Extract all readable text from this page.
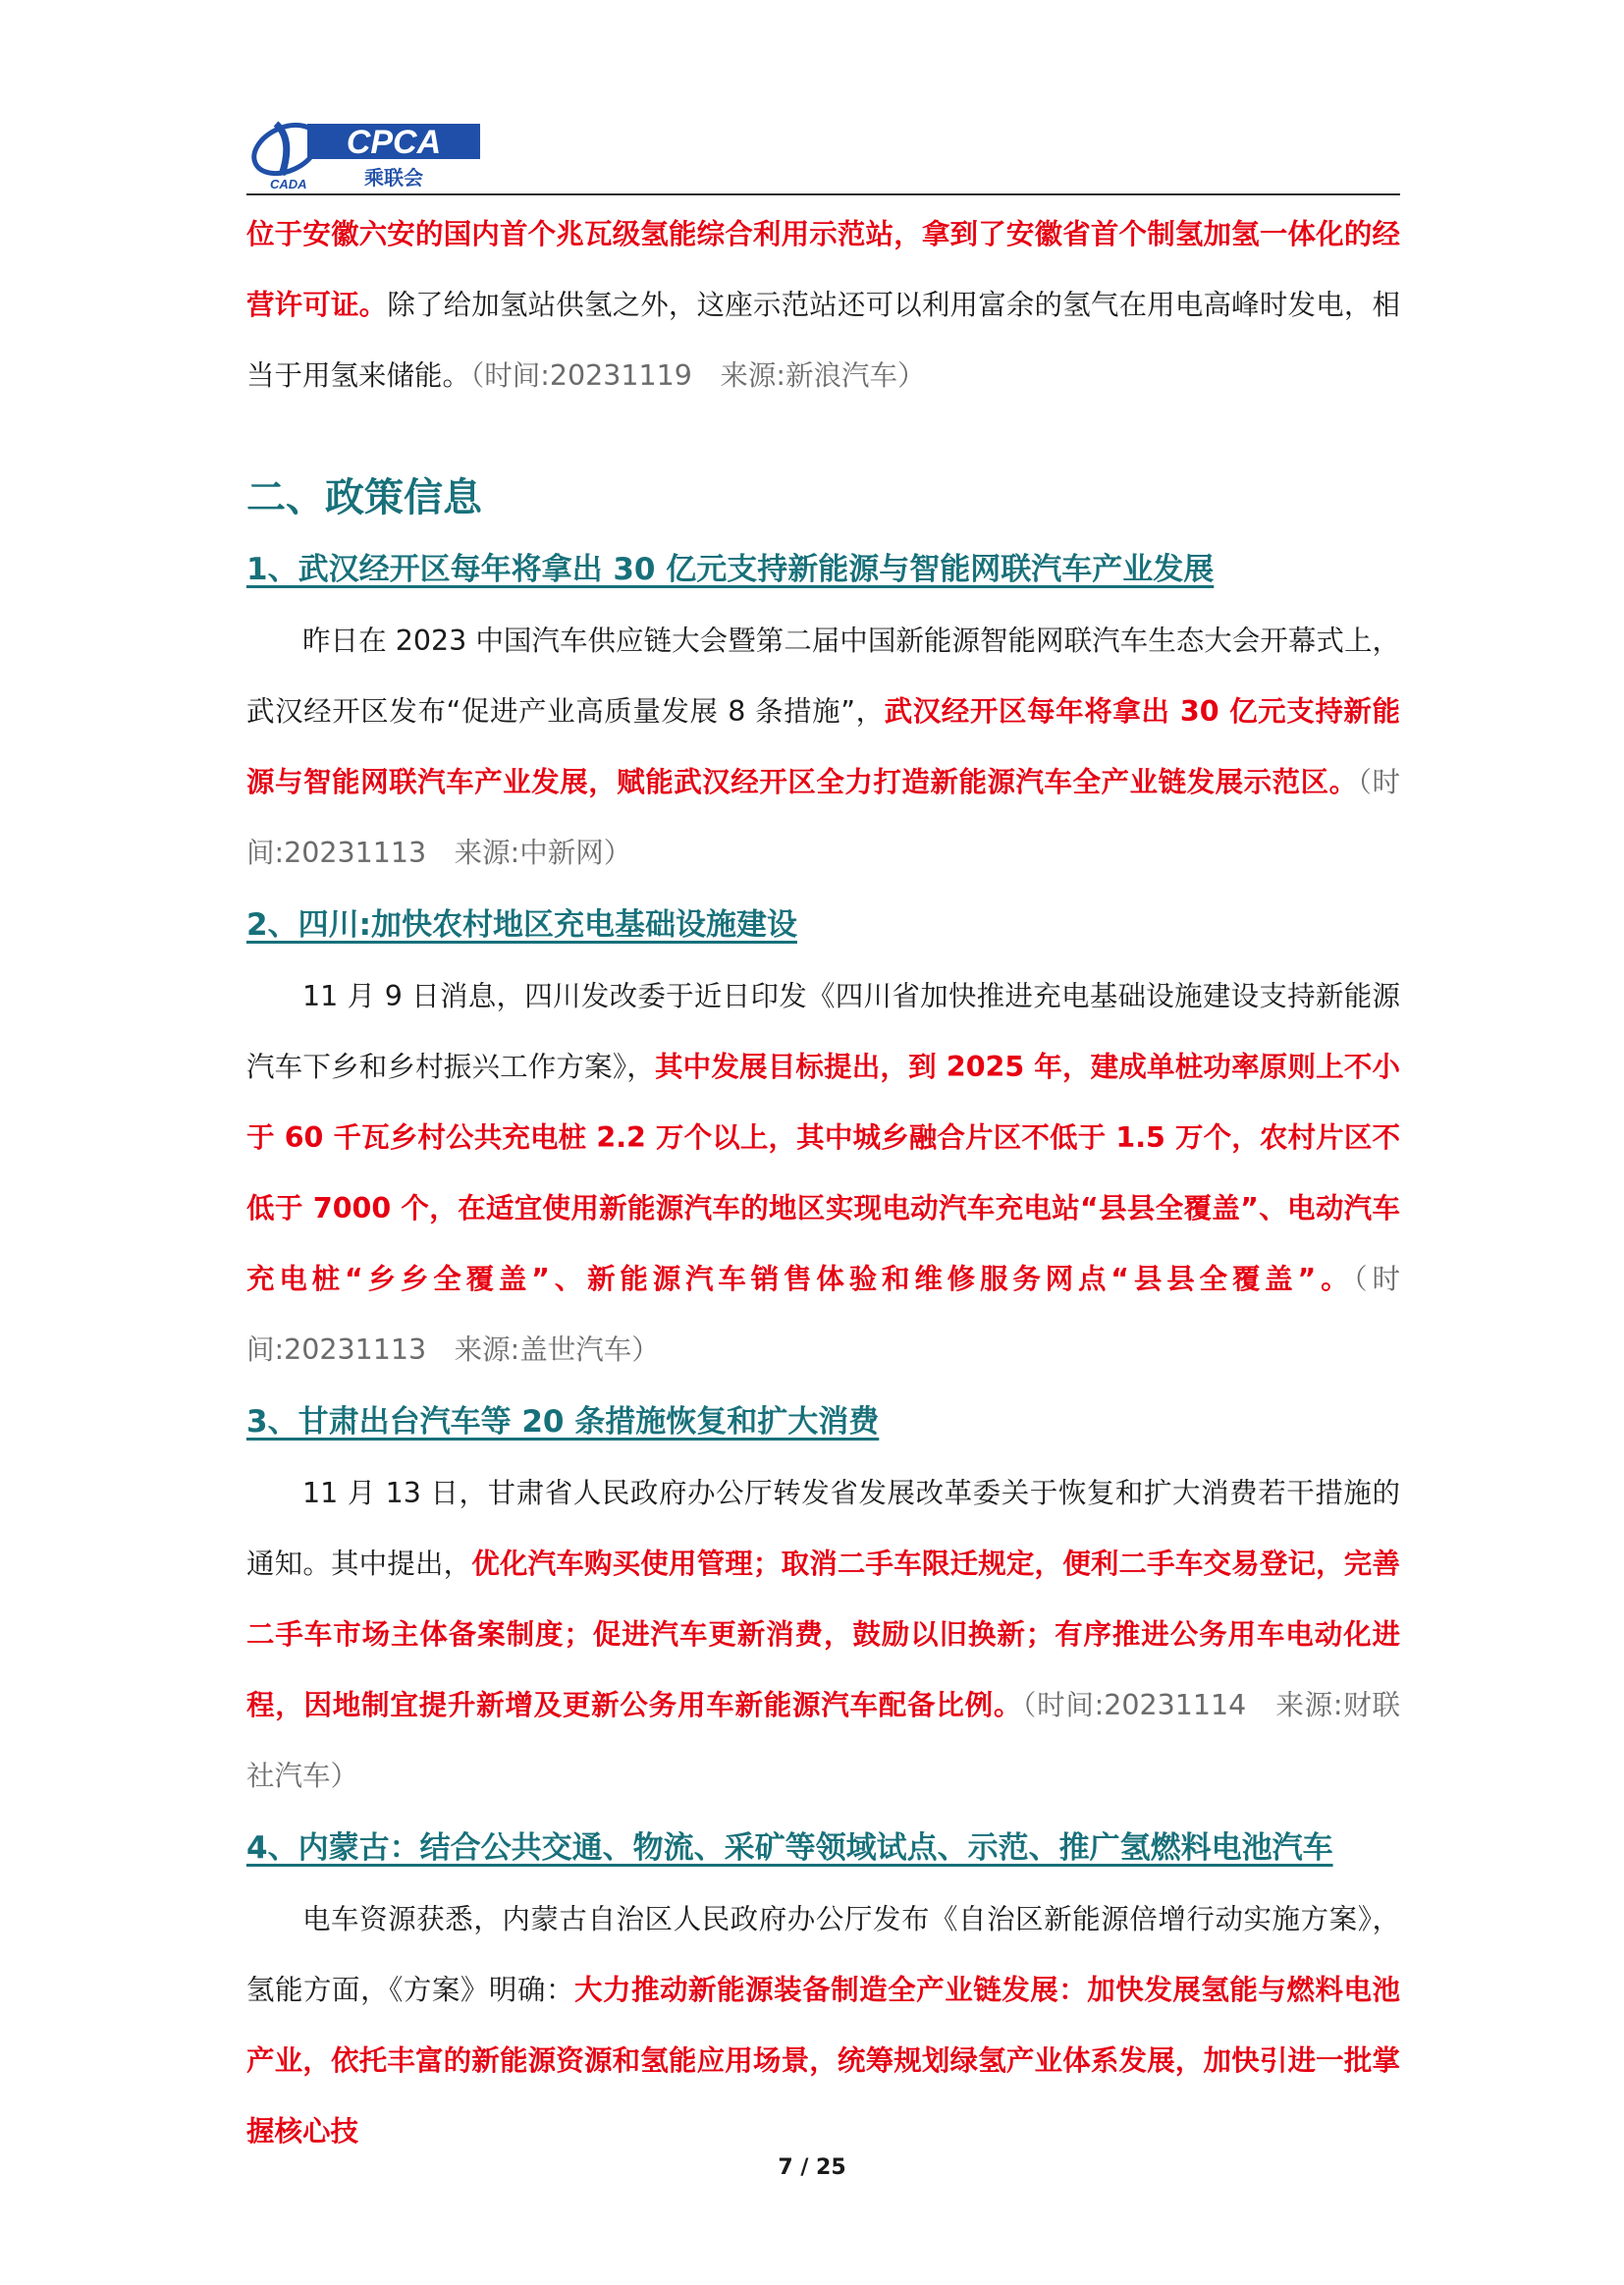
CPCA
乘联会
CADA

位于安徽六安的国内首个兆瓦级氢能综合利用示范站，拿到了安徽省首个制氢加氢一体化的经营许可证。除了给加氢站供氢之外，这座示范站还可以利用富余的氢气在用电高峰时发电，相当于用氢来储能。（时间:20231119　来源:新浪汽车）

二、政策信息
1、武汉经开区每年将拿出 30 亿元支持新能源与智能网联汽车产业发展

昨日在 2023 中国汽车供应链大会暨第二届中国新能源智能网联汽车生态大会开幕式上，武汉经开区发布“促进产业高质量发展 8 条措施”，武汉经开区每年将拿出 30 亿元支持新能源与智能网联汽车产业发展，赋能武汉经开区全力打造新能源汽车全产业链发展示范区。（时间:20231113　来源:中新网）

2、四川:加快农村地区充电基础设施建设

11 月 9 日消息，四川发改委于近日印发《四川省加快推进充电基础设施建设支持新能源汽车下乡和乡村振兴工作方案》，其中发展目标提出，到 2025 年，建成单桩功率原则上不小于 60 千瓦乡村公共充电桩 2.2 万个以上，其中城乡融合片区不低于 1.5 万个，农村片区不低于 7000 个，在适宜使用新能源汽车的地区实现电动汽车充电站“县县全覆盖”、电动汽车充电桩“乡乡全覆盖”、新能源汽车销售体验和维修服务网点“县县全覆盖”。（时间:20231113　来源:盖世汽车）

3、甘肃出台汽车等 20 条措施恢复和扩大消费

11 月 13 日，甘肃省人民政府办公厅转发省发展改革委关于恢复和扩大消费若干措施的通知。其中提出，优化汽车购买使用管理；取消二手车限迁规定，便利二手车交易登记，完善二手车市场主体备案制度；促进汽车更新消费，鼓励以旧换新；有序推进公务用车电动化进程，因地制宜提升新增及更新公务用车新能源汽车配备比例。（时间:20231114　来源:财联社汽车）

4、内蒙古：结合公共交通、物流、采矿等领域试点、示范、推广氢燃料电池汽车

电车资源获悉，内蒙古自治区人民政府办公厅发布《自治区新能源倍增行动实施方案》，氢能方面，《方案》明确：大力推动新能源装备制造全产业链发展：加快发展氢能与燃料电池产业，依托丰富的新能源资源和氢能应用场景，统筹规划绿氢产业体系发展，加快引进一批掌握核心技

7 / 25
